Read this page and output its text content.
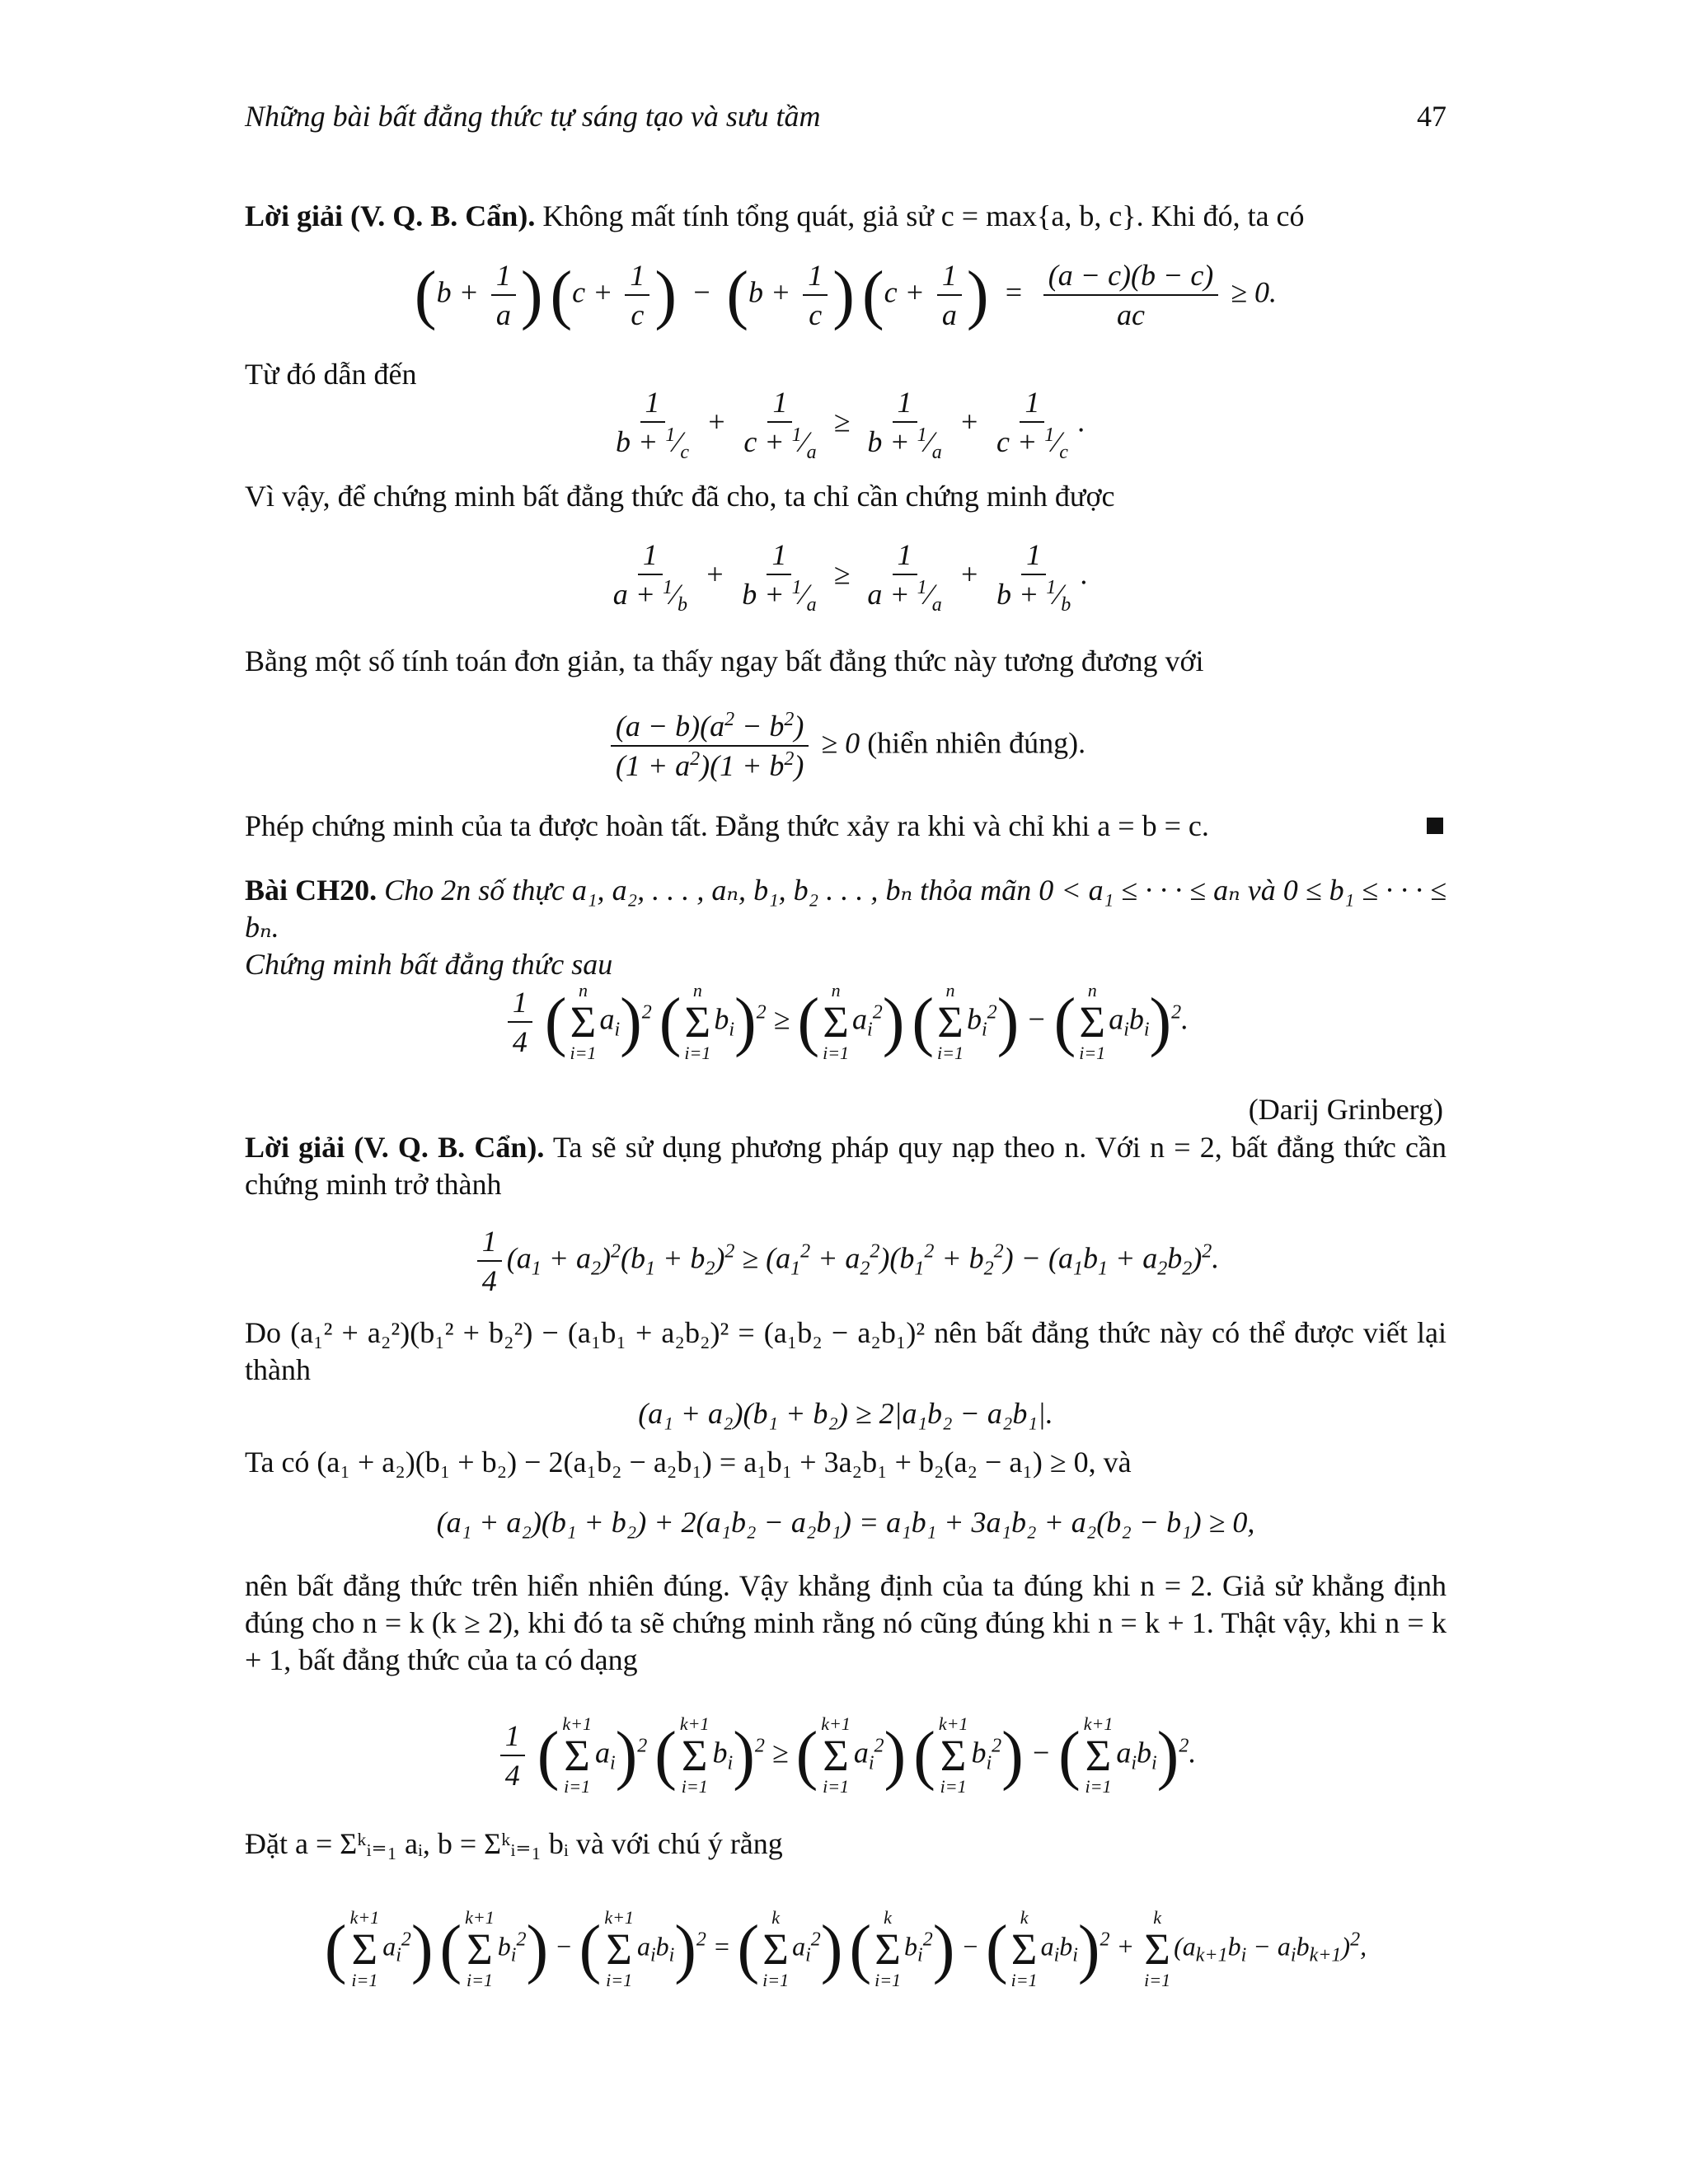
Những bài bất đẳng thức tự sáng tạo và sưu tầm	47
Lời giải (V. Q. B. Cẩn). Không mất tính tổng quát, giả sử c = max{a, b, c}. Khi đó, ta có
($b + \frac{1}{a}$ ) ($c + \frac{1}{c}$ )  −  ($b + \frac{1}{c}$ ) ($c + \frac{1}{a}$ )  = $\frac{(a - c)(b - c)}{ac} \ge 0$.
Từ đó dẫn đến
$\frac{1}{b + ^1⁄_c} + \frac{1}{c + ^1⁄_a} \ge \frac{1}{b + ^1⁄_a} + \frac{1}{c + ^1⁄_c}$ .
Vì vậy, để chứng minh bất đẳng thức đã cho, ta chỉ cần chứng minh được
$\frac{1}{a + ^1⁄_b} + \frac{1}{b + ^1⁄_a} \ge \frac{1}{a + ^1⁄_a} + \frac{1}{b + ^1⁄_b}$ .
Bằng một số tính toán đơn giản, ta thấy ngay bất đẳng thức này tương đương với
$\frac{(a - b)(a^2 - b^2)}{(1 + a^2)(1 + b^2)} \ge 0$ (hiển nhiên đúng).
Phép chứng minh của ta được hoàn tất. Đẳng thức xảy ra khi và chỉ khi a = b = c.
Bài CH20. Cho 2n số thực a₁, a₂, . . . , aₙ, b₁, b₂ . . . , bₙ thỏa mãn 0 < a₁ ≤ · · · ≤ aₙ và 0 ≤ b₁ ≤ · · · ≤ bₙ.
Chứng minh bất đẳng thức sau
$\frac{1}{4}$ ( n
Σ
i=1
$a_i)^2$ ( n
Σ
i=1
$b_i)^2$ ≥ ( n
Σ
i=1
$a_i^2$) ( n
Σ
i=1
$b_i^2$) − ( n
Σ
i=1
$a_ib_i)^2$.
(Darij Grinberg)
Lời giải (V. Q. B. Cẩn). Ta sẽ sử dụng phương pháp quy nạp theo n. Với n = 2, bất đẳng thức cần chứng minh trở thành
$\frac{1}{4} (a_1 + a_2)^2(b_1 + b_2)^2 \ge (a_1^2 + a_2^2)(b_1^2 + b_2^2) - (a_1b_1 + a_2b_2)^2$.
Do (a₁² + a₂²)(b₁² + b₂²) − (a₁b₁ + a₂b₂)² = (a₁b₂ − a₂b₁)² nên bất đẳng thức này có thể được viết lại thành
(a₁ + a₂)(b₁ + b₂) ≥ 2|a₁b₂ − a₂b₁|.
Ta có (a₁ + a₂)(b₁ + b₂) − 2(a₁b₂ − a₂b₁) = a₁b₁ + 3a₂b₁ + b₂(a₂ − a₁) ≥ 0, và
(a₁ + a₂)(b₁ + b₂) + 2(a₁b₂ − a₂b₁) = a₁b₁ + 3a₁b₂ + a₂(b₂ − b₁) ≥ 0,
nên bất đẳng thức trên hiển nhiên đúng. Vậy khẳng định của ta đúng khi n = 2. Giả sử khẳng định đúng cho n = k (k ≥ 2), khi đó ta sẽ chứng minh rằng nó cũng đúng khi n = k + 1. Thật vậy, khi n = k + 1, bất đẳng thức của ta có dạng
$\frac{1}{4}$ ( k+1
Σ
i=1
$a_i)^2$ ( k+1
Σ
i=1
$b_i)^2$ ≥ ( k+1
Σ
i=1
$a_i^2$) ( k+1
Σ
i=1
$b_i^2$) − ( k+1
Σ
i=1
$a_ib_i)^2$.
Đặt a = Σᵏᵢ₌₁ aᵢ, b = Σᵏᵢ₌₁ bᵢ và với chú ý rằng
( k+1
Σ
i=1
$a_i^2$) ( k+1
Σ
i=1
$b_i^2$) − ( k+1
Σ
i=1
$a_ib_i)^2$ = ( k
Σ
i=1
$a_i^2$) ( k
Σ
i=1
$b_i^2$) − ( k
Σ
i=1
$a_ib_i)^2$ +
k
Σ
i=1
$(a_{k+1}b_i - a_ib_{k+1})^2$,
